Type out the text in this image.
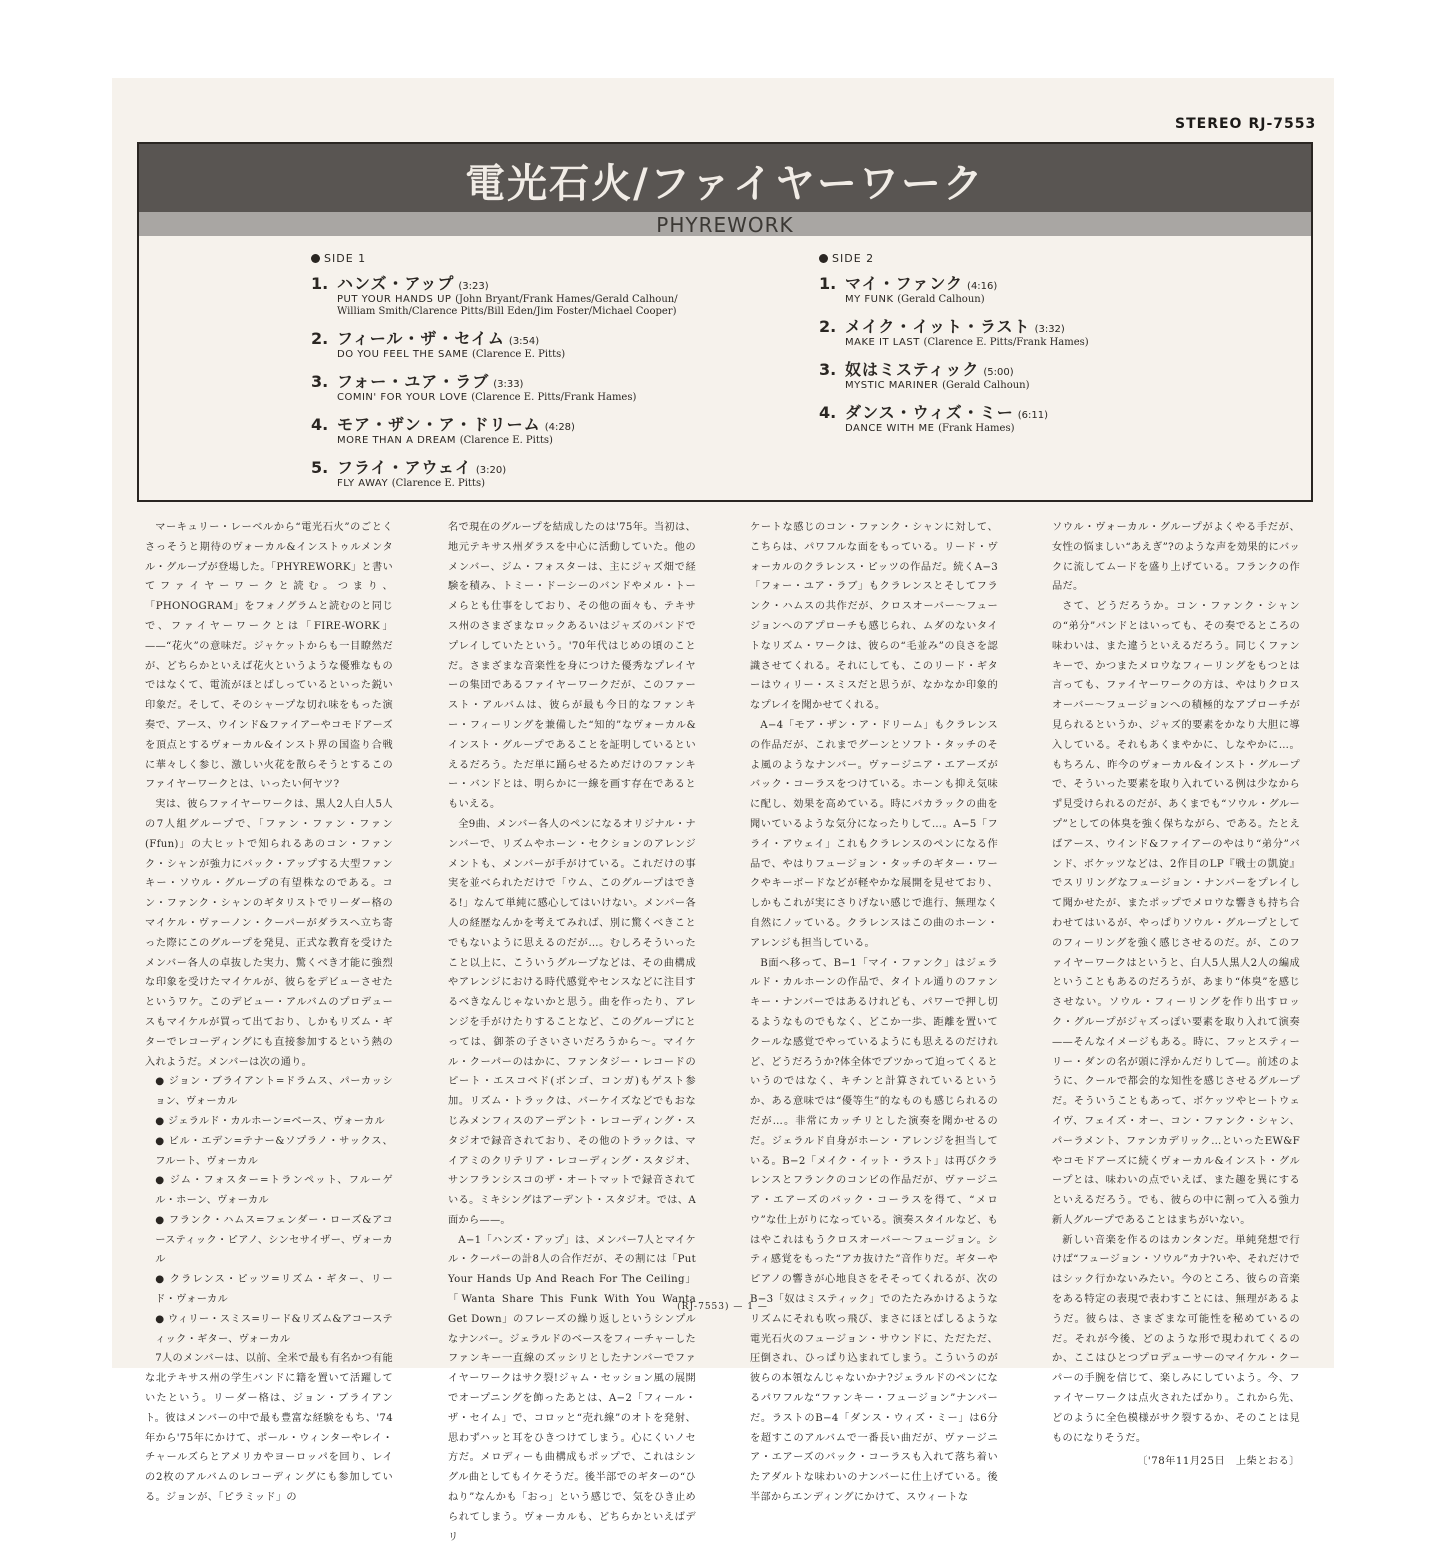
STEREO RJ-7553
電光石火/ファイヤーワーク
PHYREWORK
SIDE 1
1. ハンズ・アップ (3:23)
PUT YOUR HANDS UP (John Bryant/Frank Hames/Gerald Calhoun/
William Smith/Clarence Pitts/Bill Eden/Jim Foster/Michael Cooper)
2. フィール・ザ・セイム (3:54)
DO YOU FEEL THE SAME (Clarence E. Pitts)
3. フォー・ユア・ラブ (3:33)
COMIN' FOR YOUR LOVE (Clarence E. Pitts/Frank Hames)
4. モア・ザン・ア・ドリーム (4:28)
MORE THAN A DREAM (Clarence E. Pitts)
5. フライ・アウェイ (3:20)
FLY AWAY (Clarence E. Pitts)
SIDE 2
1. マイ・ファンク (4:16)
MY FUNK (Gerald Calhoun)
2. メイク・イット・ラスト (3:32)
MAKE IT LAST (Clarence E. Pitts/Frank Hames)
3. 奴はミスティック (5:00)
MYSTIC MARINER (Gerald Calhoun)
4. ダンス・ウィズ・ミー (6:11)
DANCE WITH ME (Frank Hames)

マーキュリー・レーベルから“電光石火”のごとくさっそうと期待のヴォーカル&インストゥルメンタル・グループが登場した。「PHYREWORK」と書いてファイヤーワークと読む。つまり、「PHONOGRAM」をフォノグラムと読むのと同じで、ファイヤーワークとは「FIRE-WORK」——“花火”の意味だ。ジャケットからも一目瞭然だが、どちらかといえば花火というような優雅なものではなくて、電流がほとばしっているといった鋭い印象だ。そして、そのシャープな切れ味をもった演奏で、アース、ウインド&ファイアーやコモドアーズを頂点とするヴォーカル&インスト界の国盗り合戦に華々しく参じ、激しい火花を散らそうとするこのファイヤーワークとは、いったい何ヤツ?

実は、彼らファイヤーワークは、黒人2人白人5人の7人組グループで、「ファン・ファン・ファン(Ffun)」の大ヒットで知られるあのコン・ファンク・シャンが強力にバック・アップする大型ファンキー・ソウル・グループの有望株なのである。コン・ファンク・シャンのギタリストでリーダー格のマイケル・ヴァーノン・クーパーがダラスへ立ち寄った際にこのグループを発見、正式な教育を受けたメンバー各人の卓抜した実力、驚くべき才能に強烈な印象を受けたマイケルが、彼らをデビューさせたというワケ。このデビュー・アルバムのプロデュースもマイケルが買って出ており、しかもリズム・ギターでレコーディングにも直接参加するという熱の入れようだ。メンバーは次の通り。

● ジョン・ブライアント=ドラムス、パーカッション、ヴォーカル

● ジェラルド・カルホーン=ベース、ヴォーカル

● ビル・エデン=テナー&ソプラノ・サックス、フルート、ヴォーカル

● ジム・フォスター=トランペット、フルーゲル・ホーン、ヴォーカル

● フランク・ハムス=フェンダー・ローズ&アコースティック・ピアノ、シンセサイザー、ヴォーカル

● クラレンス・ピッツ=リズム・ギター、リード・ヴォーカル

● ウィリー・スミス=リード&リズム&アコースティック・ギター、ヴォーカル

7人のメンバーは、以前、全米で最も有名かつ有能な北テキサス州の学生バンドに籍を置いて活躍していたという。リーダー格は、ジョン・ブライアント。彼はメンバーの中で最も豊富な経験をもち、'74年から'75年にかけて、ポール・ウィンターやレイ・チャールズらとアメリカやヨーロッパを回り、レイの2枚のアルバムのレコーディングにも参加している。ジョンが、「ピラミッド」の

名で現在のグループを結成したのは'75年。当初は、地元テキサス州ダラスを中心に活動していた。他のメンバー、ジム・フォスターは、主にジャズ畑で経験を積み、トミー・ドーシーのバンドやメル・トーメらとも仕事をしており、その他の面々も、テキサス州のさまざまなロックあるいはジャズのバンドでプレイしていたという。'70年代はじめの頃のことだ。さまざまな音楽性を身につけた優秀なプレイヤーの集団であるファイヤーワークだが、このファースト・アルバムは、彼らが最も今日的なファンキー・フィーリングを兼備した“知的”なヴォーカル&インスト・グループであることを証明しているといえるだろう。ただ単に踊らせるためだけのファンキー・バンドとは、明らかに一線を画す存在であるともいえる。

全9曲、メンバー各人のペンになるオリジナル・ナンバーで、リズムやホーン・セクションのアレンジメントも、メンバーが手がけている。これだけの事実を並べられただけで「ウム、このグループはできる!」なんて単純に感心してはいけない。メンバー各人の経歴なんかを考えてみれば、別に驚くべきことでもないように思えるのだが…。むしろそういったこと以上に、こういうグループなどは、その曲構成やアレンジにおける時代感覚やセンスなどに注目するべきなんじゃないかと思う。曲を作ったり、アレンジを手がけたりすることなど、このグループにとっては、御茶の子さいさいだろうから〜。マイケル・クーパーのはかに、ファンタジー・レコードのピート・エスコベド(ボンゴ、コンガ)もゲスト参加。リズム・トラックは、バーケイズなどでもおなじみメンフィスのアーデント・レコーディング・スタジオで録音されており、その他のトラックは、マイアミのクリテリア・レコーディング・スタジオ、サンフランシスコのザ・オートマットで録音されている。ミキシングはアーデント・スタジオ。では、A面から——。

A−1「ハンズ・アップ」は、メンバー7人とマイケル・クーパーの計8人の合作だが、その割には「Put Your Hands Up And Reach For The Ceiling」「Wanta Share This Funk With You Wanta Get Down」のフレーズの繰り返しというシンプルなナンバー。ジェラルドのベースをフィーチャーしたファンキー一直線のズッシリとしたナンバーでファイヤーワークはサク裂!ジャム・セッション風の展開でオープニングを飾ったあとは、A−2「フィール・ザ・セイム」で、コロッと“売れ線”のオトを発射、思わずハッと耳をひきつけてしまう。心にくいノセ方だ。メロディーも曲構成もポップで、これはシングル曲としてもイケそうだ。後半部でのギターの“ひねり”なんかも「おっ」という感じで、気をひき止められてしまう。ヴォーカルも、どちらかといえばデリ

ケートな感じのコン・ファンク・シャンに対して、こちらは、パワフルな面をもっている。リード・ヴォーカルのクラレンス・ピッツの作品だ。続くA−3「フォー・ユア・ラブ」もクラレンスとそしてフランク・ハムスの共作だが、クロスオーバー〜フュージョンへのアプローチも感じられ、ムダのないタイトなリズム・ワークは、彼らの“毛並み”の良さを認識させてくれる。それにしても、このリード・ギターはウィリー・スミスだと思うが、なかなか印象的なプレイを聞かせてくれる。

A−4「モア・ザン・ア・ドリーム」もクラレンスの作品だが、これまでグーンとソフト・タッチのそよ風のようなナンバー。ヴァージニア・エアーズがバック・コーラスをつけている。ホーンも抑え気味に配し、効果を高めている。時にバカラックの曲を聞いているような気分になったりして…。A−5「フライ・アウェイ」これもクラレンスのペンになる作品で、やはりフュージョン・タッチのギター・ワークやキーボードなどが軽やかな展開を見せており、しかもこれが実にさりげない感じで進行、無理なく自然にノッている。クラレンスはこの曲のホーン・アレンジも担当している。

B面へ移って、B−1「マイ・ファンク」はジェラルド・カルホーンの作品で、タイトル通りのファンキー・ナンバーではあるけれども、パワーで押し切るようなものでもなく、どこか一歩、距離を置いてクールな感覚でやっているようにも思えるのだけれど、どうだろうか?体全体でブツかって迫ってくるというのではなく、キチンと計算されているというか、ある意味では“優等生”的なものも感じられるのだが…。非常にカッチリとした演奏を聞かせるのだ。ジェラルド自身がホーン・アレンジを担当している。B−2「メイク・イット・ラスト」は再びクラレンスとフランクのコンビの作品だが、ヴァージニア・エアーズのバック・コーラスを得て、“メロウ”な仕上がりになっている。演奏スタイルなど、もはやこれはもうクロスオーバー〜フュージョン。シティ感覚をもった“アカ抜けた”音作りだ。ギターやピアノの響きが心地良さをそそってくれるが、次のB−3「奴はミスティック」でのたたみかけるようなリズムにそれも吹っ飛び、まさにほとばしるような電光石火のフュージョン・サウンドに、ただただ、圧倒され、ひっぱり込まれてしまう。こういうのが彼らの本領なんじゃないかナ?ジェラルドのペンになるパワフルな“ファンキー・フュージョン”ナンバーだ。ラストのB−4「ダンス・ウィズ・ミー」は6分を超すこのアルバムで一番長い曲だが、ヴァージニア・エアーズのバック・コーラスも入れて落ち着いたアダルトな味わいのナンバーに仕上げている。後半部からエンディングにかけて、スウィートな

ソウル・ヴォーカル・グループがよくやる手だが、女性の悩ましい“あえぎ”?のような声を効果的にバックに流してムードを盛り上げている。フランクの作品だ。

さて、どうだろうか。コン・ファンク・シャンの“弟分”バンドとはいっても、その奏でるところの味わいは、また違うといえるだろう。同じくファンキーで、かつまたメロウなフィーリングをもつとは言っても、ファイヤーワークの方は、やはりクロスオーバー〜フュージョンへの積極的なアプローチが見られるというか、ジャズ的要素をかなり大胆に導入している。それもあくまやかに、しなやかに…。もちろん、昨今のヴォーカル&インスト・グループで、そういった要素を取り入れている例は少なからず見受けられるのだが、あくまでも“ソウル・グループ”としての体臭を強く保ちながら、である。たとえばアース、ウインド&ファイアーのやはり“弟分”バンド、ボケッツなどは、2作目のLP『戦士の凱旋』でスリリングなフュージョン・ナンバーをプレイして聞かせたが、またポップでメロウな響きも持ち合わせてはいるが、やっぱりソウル・グループとしてのフィーリングを強く感じさせるのだ。が、このファイヤーワークはというと、白人5人黒人2人の編成ということもあるのだろうが、あまり“体臭”を感じさせない。ソウル・フィーリングを作り出すロック・グループがジャズっぽい要素を取り入れて演奏——そんなイメージもある。時に、フッとスティーリー・ダンの名が頭に浮かんだりして—。前述のように、クールで都会的な知性を感じさせるグループだ。そういうこともあって、ボケッツやヒートウェイヴ、フェイズ・オー、コン・ファンク・シャン、パーラメント、ファンカデリック…といったEW&Fやコモドアーズに続くヴォーカル&インスト・グループとは、味わいの点でいえば、また趣を異にするといえるだろう。でも、彼らの中に割って入る強力新人グループであることはまちがいない。

新しい音楽を作るのはカンタンだ。単純発想で行けば“フュージョン・ソウル”カナ?いや、それだけではシック行かないみたい。今のところ、彼らの音楽をある特定の表現で表わすことには、無理があるようだ。彼らは、さまざまな可能性を秘めているのだ。それが今後、どのような形で現われてくるのか、ここはひとつプロデューサーのマイケル・クーパーの手腕を信じて、楽しみにしていよう。今、ファイヤーワークは点火されたばかり。これから先、どのように全色模様がサク裂するか、そのことは見ものになりそうだ。

〔'78年11月25日　上柴とおる〕
(RJ-7553) — 1 —
